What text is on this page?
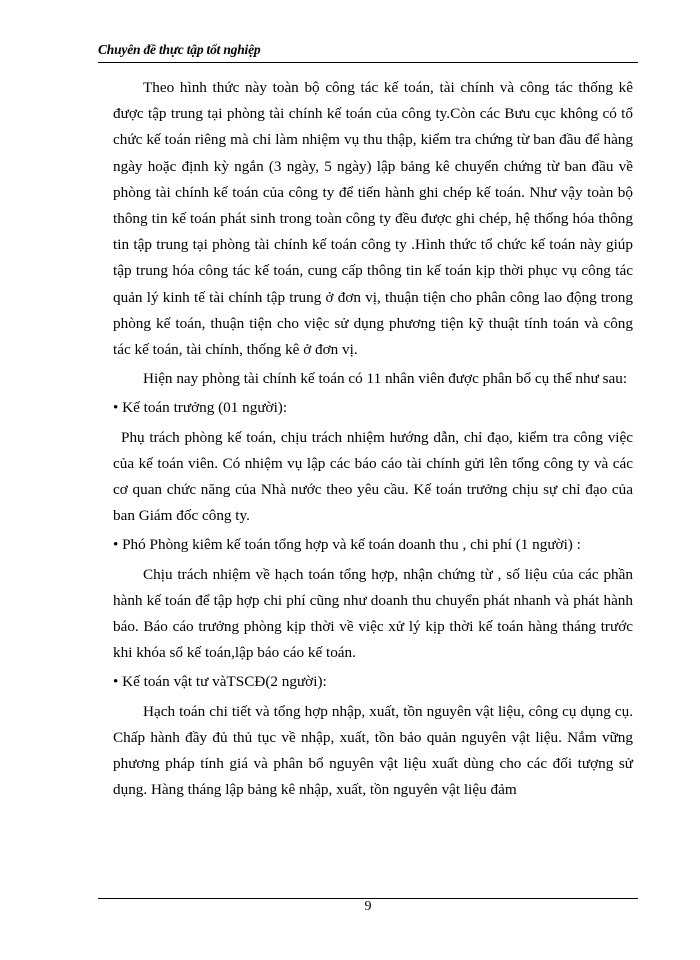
Chuyên đề thực tập tốt nghiệp

Theo hình thức này toàn bộ công tác kế toán, tài chính và công tác thống kê được tập trung tại phòng tài chính kế toán của công ty.Còn các Bưu cục không có tổ chức kế toán riêng mà chỉ làm nhiệm vụ thu thập, kiểm tra chứng từ ban đầu để hàng ngày hoặc định kỳ ngắn (3 ngày, 5 ngày) lập bảng kê chuyển chứng từ ban đầu về phòng tài chính kế toán của công ty để tiến hành ghi chép kế toán. Như vậy toàn bộ thông tin kế toán phát sinh trong toàn công ty đều được ghi chép, hệ thống hóa thông tin tập trung tại phòng tài chính kế toán công ty .Hình thức tổ chức kế toán này giúp tập trung hóa công tác kế toán, cung cấp thông tin kế toán kịp thời phục vụ công tác quản lý kinh tế tài chính tập trung ở đơn vị, thuận tiện cho phân công lao động trong phòng kế toán, thuận tiện cho việc sử dụng phương tiện kỹ thuật tính toán và công tác kế toán, tài chính, thống kê ở đơn vị.

Hiện nay phòng tài chính kế toán có 11 nhân viên được phân bổ cụ thể như sau:

• Kế toán trưởng (01 người):

Phụ trách phòng kế toán, chịu trách nhiệm hướng dẫn, chỉ đạo, kiểm tra công việc của kế toán viên. Có nhiệm vụ lập các báo cáo tài chính gửi lên tổng công ty và các cơ quan chức năng của Nhà nước theo yêu cầu. Kế toán trưởng chịu sự chỉ đạo của ban Giám đốc công ty.

• Phó Phòng kiêm kế toán tổng hợp và kế toán doanh thu , chi phí (1 người) :

Chịu trách nhiệm về hạch toán tổng hợp, nhận chứng từ , số liệu của các phần hành kế toán để tập hợp chi phí cũng như doanh thu chuyển phát nhanh và phát hành báo. Báo cáo trưởng phòng kịp thời về việc xử lý kịp thời kế toán hàng tháng trước khi khóa sổ kế toán,lập báo cáo kế toán.

• Kế toán vật tư vàTSCĐ(2 người):

Hạch toán chi tiết và tổng hợp nhập, xuất, tồn nguyên vật liệu, công cụ dụng cụ. Chấp hành đầy đủ thủ tục về nhập, xuất, tồn bảo quản nguyên vật liệu. Nắm vững phương pháp tính giá và phân bổ nguyên vật liệu xuất dùng cho các đối tượng sử dụng. Hàng tháng lập bảng kê nhập, xuất, tồn nguyên vật liệu đảm

9
